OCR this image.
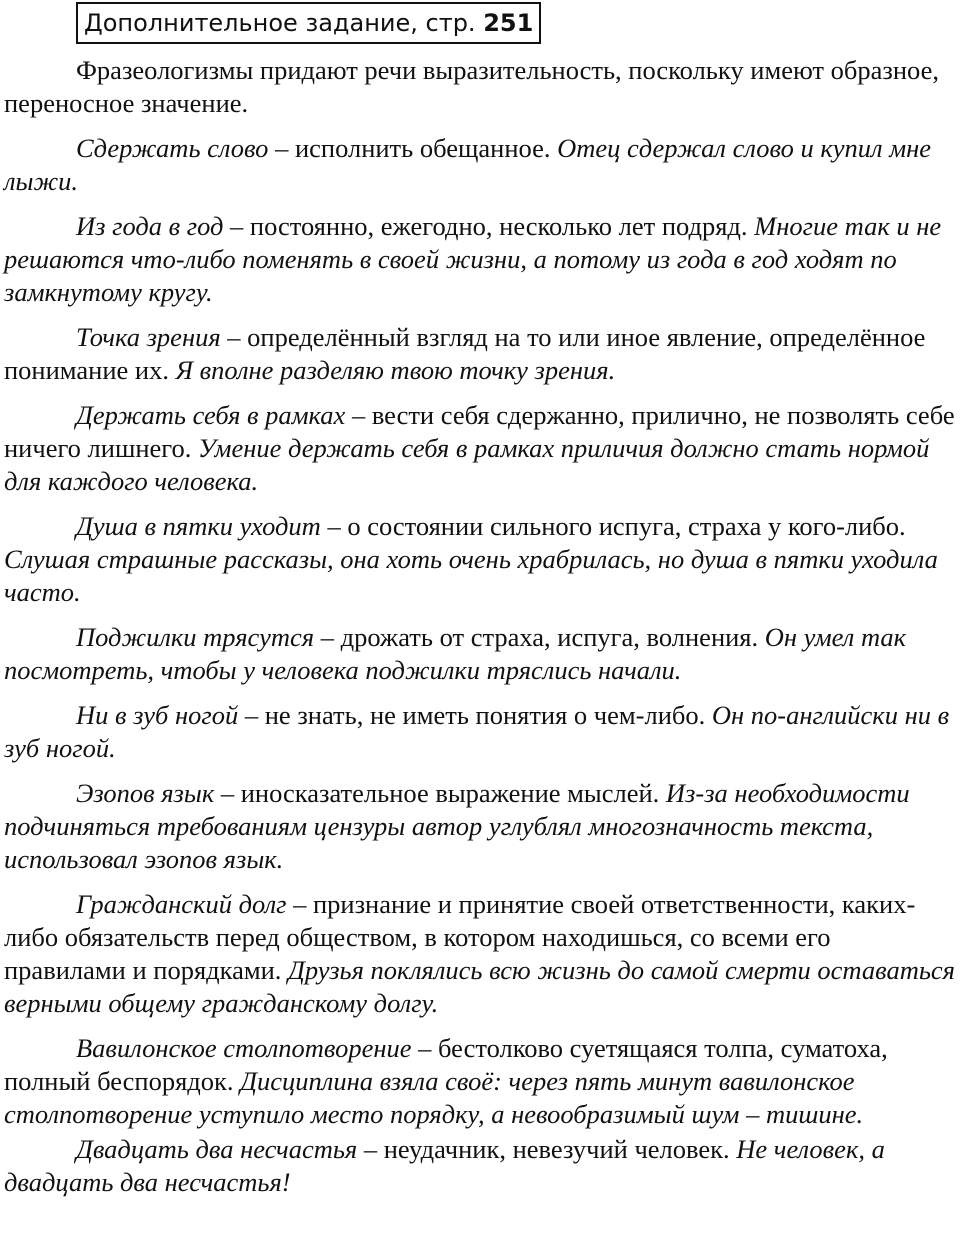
Дополнительное задание, стр. 251

Фразеологизмы придают речи выразительность, поскольку имеют образное, переносное значение.

Сдержать слово – исполнить обещанное. Отец сдержал слово и купил мне лыжи.

Из года в год – постоянно, ежегодно, несколько лет подряд. Многие так и не решаются что-либо поменять в своей жизни, а потому из года в год ходят по замкнутому кругу.

Точка зрения – определённый взгляд на то или иное явление, определённое понимание их. Я вполне разделяю твою точку зрения.

Держать себя в рамках – вести себя сдержанно, прилично, не позволять себе ничего лишнего. Умение держать себя в рамках приличия должно стать нормой для каждого человека.

Душа в пятки уходит – о состоянии сильного испуга, страха у кого-либо. Слушая страшные рассказы, она хоть очень храбрилась, но душа в пятки уходила часто.

Поджилки трясутся – дрожать от страха, испуга, волнения. Он умел так посмотреть, чтобы у человека поджилки тряслись начали.

Ни в зуб ногой – не знать, не иметь понятия о чем-либо. Он по-английски ни в зуб ногой.

Эзопов язык – иносказательное выражение мыслей. Из-за необходимости подчиняться требованиям цензуры автор углублял многозначность текста, использовал эзопов язык.

Гражданский долг – признание и принятие своей ответственности, каких-либо обязательств перед обществом, в котором находишься, со всеми его правилами и порядками. Друзья поклялись всю жизнь до самой смерти оставаться верными общему гражданскому долгу.

Вавилонское столпотворение – бестолково суетящаяся толпа, суматоха, полный беспорядок. Дисциплина взяла своё: через пять минут вавилонское столпотворение уступило место порядку, а невообразимый шум – тишине.

Двадцать два несчастья – неудачник, невезучий человек. Не человек, а двадцать два несчастья!
